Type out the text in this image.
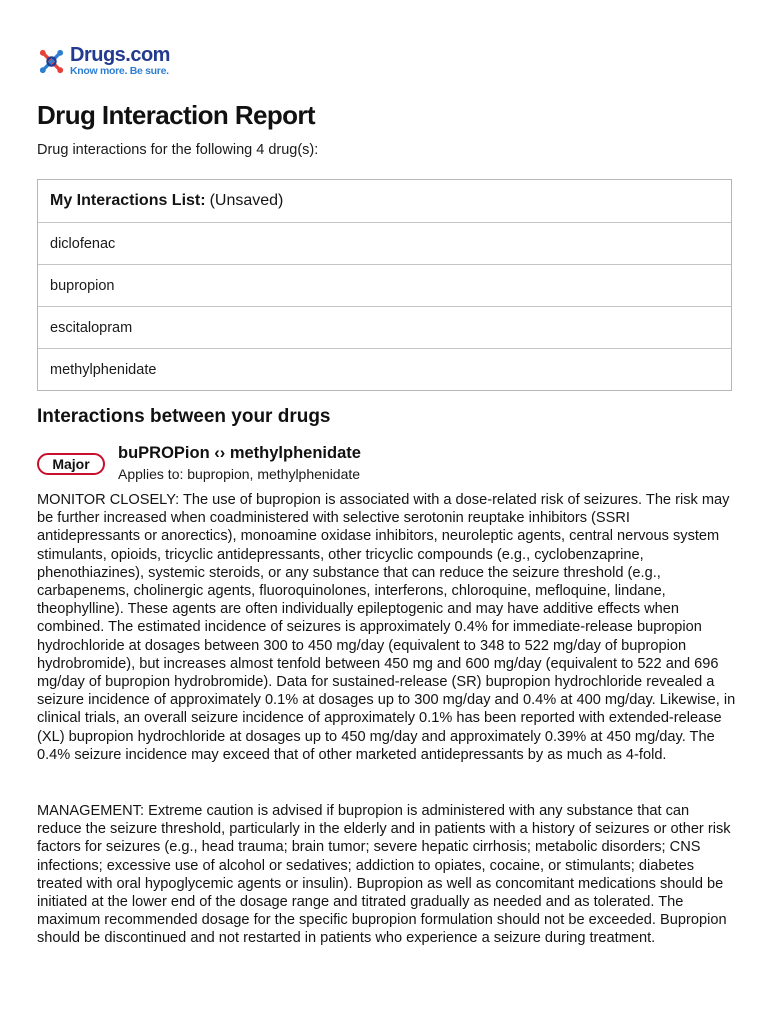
Drugs.com
Know more. Be sure.
Drug Interaction Report
Drug interactions for the following 4 drug(s):
My Interactions List: (Unsaved)
diclofenac
bupropion
escitalopram
methylphenidate
Interactions between your drugs
Major
buPROPion ‹› methylphenidate
Applies to: bupropion, methylphenidate

MONITOR CLOSELY: The use of bupropion is associated with a dose-related risk of seizures. The risk may be further increased when coadministered with selective serotonin reuptake inhibitors (SSRI antidepressants or anorectics), monoamine oxidase inhibitors, neuroleptic agents, central nervous system stimulants, opioids, tricyclic antidepressants, other tricyclic compounds (e.g., cyclobenzaprine, phenothiazines), systemic steroids, or any substance that can reduce the seizure threshold (e.g., carbapenems, cholinergic agents, fluoroquinolones, interferons, chloroquine, mefloquine, lindane, theophylline). These agents are often individually epileptogenic and may have additive effects when combined. The estimated incidence of seizures is approximately 0.4% for immediate-release bupropion hydrochloride at dosages between 300 to 450 mg/day (equivalent to 348 to 522 mg/day of bupropion hydrobromide), but increases almost tenfold between 450 mg and 600 mg/day (equivalent to 522 and 696 mg/day of bupropion hydrobromide). Data for sustained-release (SR) bupropion hydrochloride revealed a seizure incidence of approximately 0.1% at dosages up to 300 mg/day and 0.4% at 400 mg/day. Likewise, in clinical trials, an overall seizure incidence of approximately 0.1% has been reported with extended-release (XL) bupropion hydrochloride at dosages up to 450 mg/day and approximately 0.39% at 450 mg/day. The 0.4% seizure incidence may exceed that of other marketed antidepressants by as much as 4-fold.

MANAGEMENT: Extreme caution is advised if bupropion is administered with any substance that can reduce the seizure threshold, particularly in the elderly and in patients with a history of seizures or other risk factors for seizures (e.g., head trauma; brain tumor; severe hepatic cirrhosis; metabolic disorders; CNS infections; excessive use of alcohol or sedatives; addiction to opiates, cocaine, or stimulants; diabetes treated with oral hypoglycemic agents or insulin). Bupropion as well as concomitant medications should be initiated at the lower end of the dosage range and titrated gradually as needed and as tolerated. The maximum recommended dosage for the specific bupropion formulation should not be exceeded. Bupropion should be discontinued and not restarted in patients who experience a seizure during treatment.
